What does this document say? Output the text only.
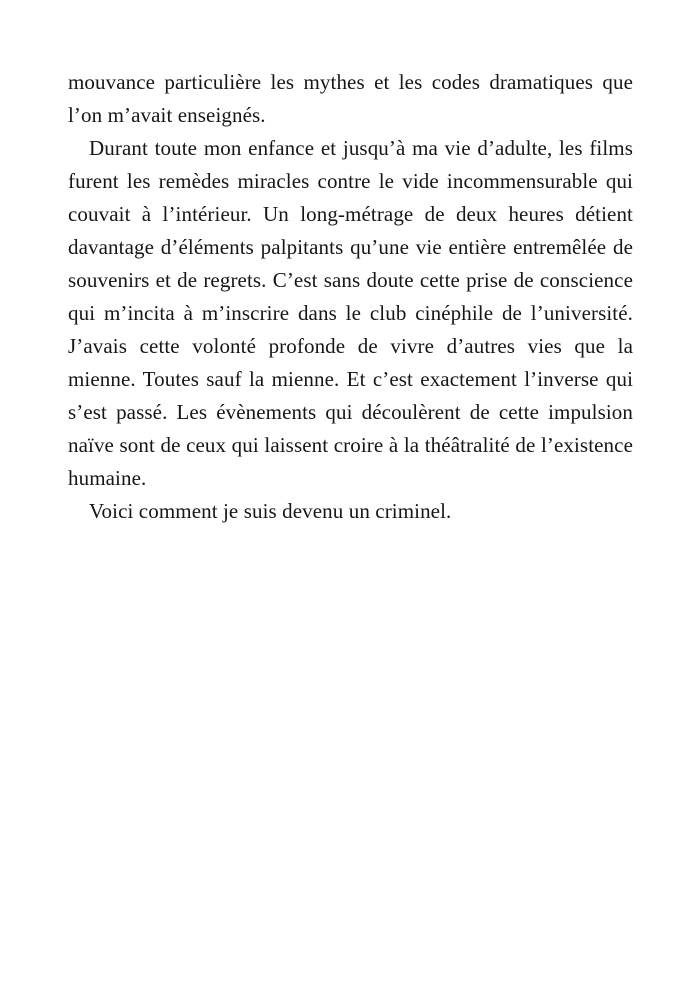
mouvance particulière les mythes et les codes dramatiques que l’on m’avait enseignés.

Durant toute mon enfance et jusqu’à ma vie d’adulte, les films furent les remèdes miracles contre le vide incommensurable qui couvait à l’intérieur. Un long-métrage de deux heures détient davantage d’éléments palpitants qu’une vie entière entremêlée de souvenirs et de regrets. C’est sans doute cette prise de conscience qui m’incita à m’inscrire dans le club cinéphile de l’université. J’avais cette volonté profonde de vivre d’autres vies que la mienne. Toutes sauf la mienne. Et c’est exactement l’inverse qui s’est passé. Les évènements qui découlèrent de cette impulsion naïve sont de ceux qui laissent croire à la théâtralité de l’existence humaine.

Voici comment je suis devenu un criminel.
